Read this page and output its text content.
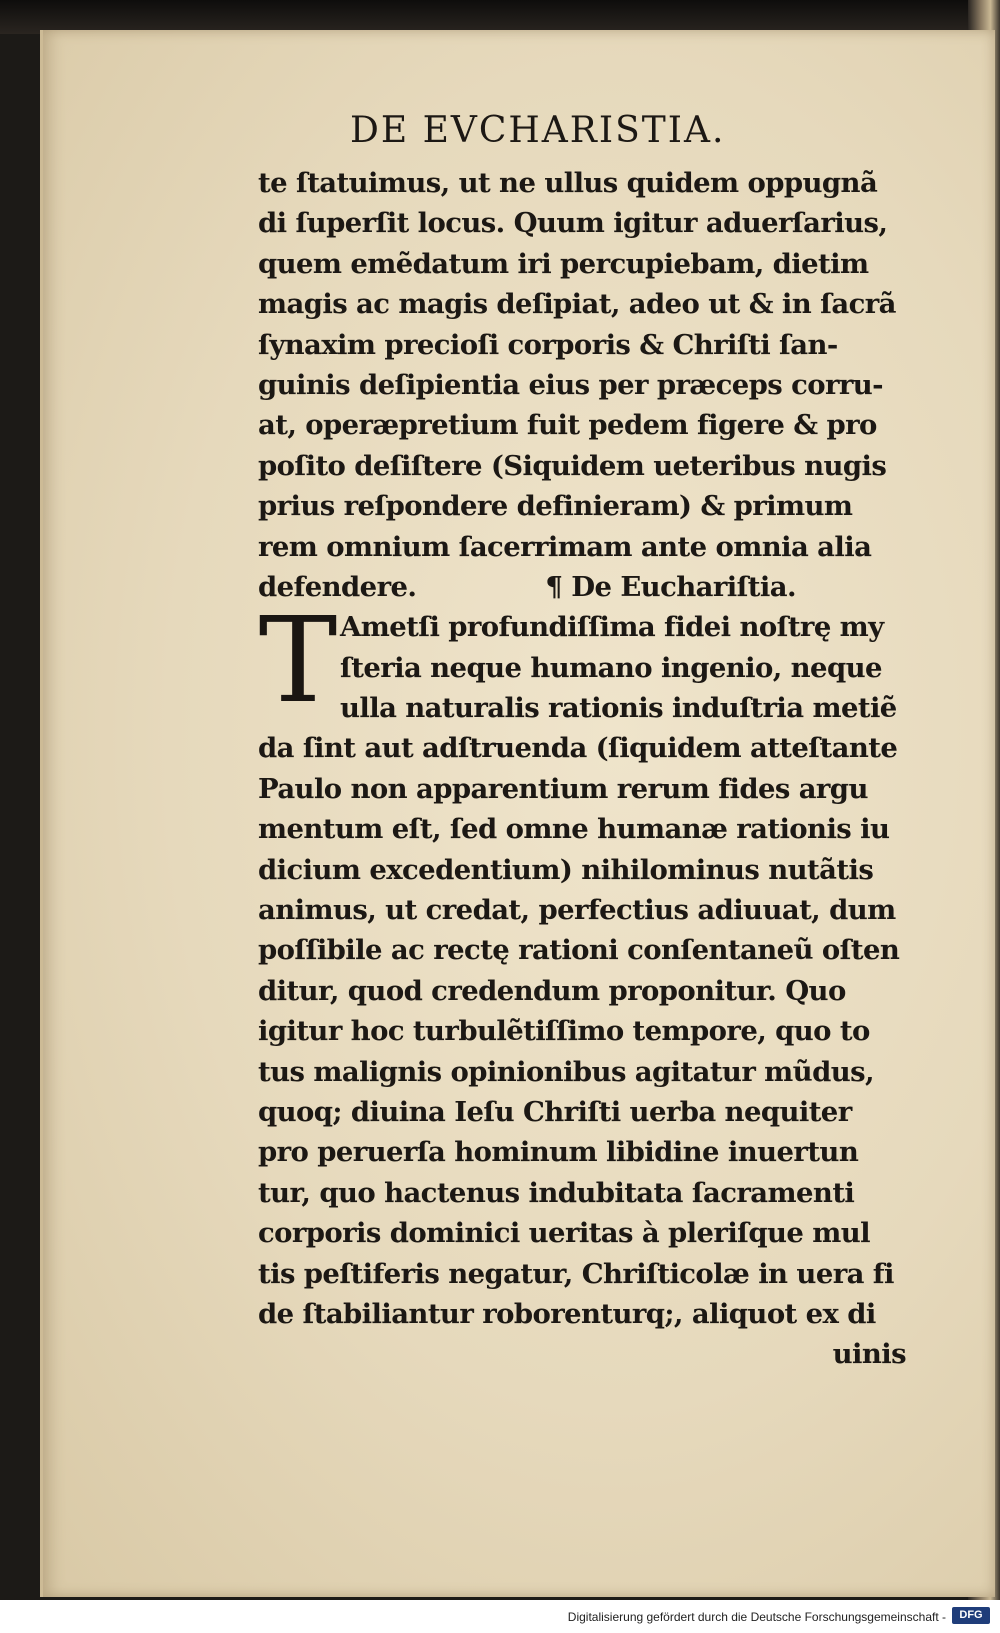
DE EVCHARISTIA.
te ſtatuimus, ut ne ullus quidem oppugnã
di ſuperſit locus. Quum igitur aduerſarius,
quem emẽdatum iri percupiebam, dietim
magis ac magis deſipiat, adeo ut & in ſacrã
ſynaxim precioſi corporis & Chriſti ſan‐
guinis deſipientia eius per præceps corru‐
at, operæpretium fuit pedem figere & pro
poſito deſiſtere (Siquidem ueteribus nugis
prius reſpondere definieram) & primum
rem omnium ſacerrimam ante omnia alia
defendere.	¶ De Euchariſtia.
Ametſi profundiſſima fidei noſtrę my
ſteria neque humano ingenio, neque
ulla naturalis rationis induſtria metiẽ
da ſint aut adſtruenda (ſiquidem atteſtante
Paulo non apparentium rerum fides argu
mentum eſt, ſed omne humanæ rationis iu
dicium excedentium) nihilominus nutãtis
animus, ut credat, perfectius adiuuat, dum
poſſibile ac rectę rationi conſentaneũ oſten
ditur, quod credendum proponitur. Quo
igitur hoc turbulẽtiſſimo tempore, quo to
tus malignis opinionibus agitatur mũdus,
quoq; diuina Ieſu Chriſti uerba nequiter
pro peruerſa hominum libidine inuertun
tur, quo hactenus indubitata ſacramenti
corporis dominici ueritas à pleriſque mul
tis peſtiferis negatur, Chriſticolæ in uera fi
de ſtabiliantur roborenturq;, aliquot ex di
uinis
T
Digitalisierung gefördert durch die Deutsche Forschungsgemeinschaft -	DFG
